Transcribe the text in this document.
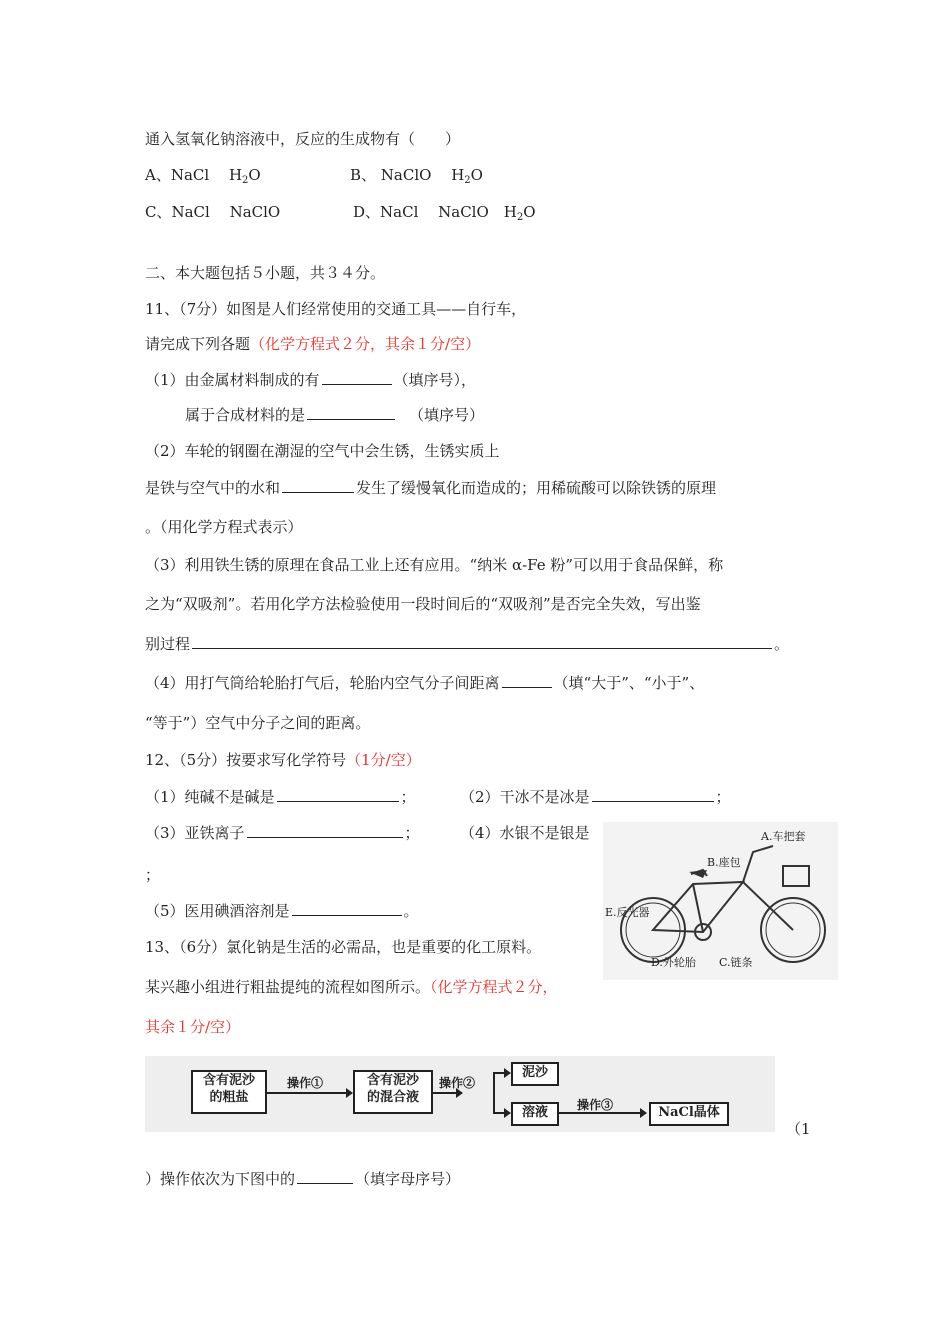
通入氢氧化钠溶液中，反应的生成物有（　　）
A、NaCl　 $H_2O$	B、 NaClO　 $H_2O$
C、NaCl　 NaClO	D、NaCl　 NaClO　$H_2O$
二、本大题包括５小题，共３４分。
11、（7分）如图是人们经常使用的交通工具——自行车，
请完成下列各题（化学方程式２分，其余１分/空）
（1）由金属材料制成的有	（填序号），
属于合成材料的是	（填序号）
（2）车轮的钢圈在潮湿的空气中会生锈，生锈实质上
是铁与空气中的水和	发生了缓慢氧化而造成的；用稀硫酸可以除铁锈的原理
。（用化学方程式表示）
（3）利用铁生锈的原理在食品工业上还有应用。“纳米 α-Fe 粉”可以用于食品保鲜，称
之为“双吸剂”。若用化学方法检验使用一段时间后的“双吸剂”是否完全失效，写出鉴
别过程	。
（4）用打气筒给轮胎打气后，轮胎内空气分子间距离	（填“大于”、“小于”、
“等于”）空气中分子之间的距离。
12、（5分）按要求写化学符号（1分/空）
（1）纯碱不是碱是	；	（2）干冰不是冰是	；
（3）亚铁离子	；	（4）水银不是银是
；
（5）医用碘酒溶剂是	。
A.车把套
B.座包
E.反光器
D.外轮胎 C.链条
13、（6分）氯化钠是生活的必需品，也是重要的化工原料。
某兴趣小组进行粗盐提纯的流程如图所示。（化学方程式２分，
其余１分/空）
含有泥沙
的粗盐
操作①	含有泥沙
的混合液
操作②
泥沙
溶液	操作③	NaCl晶体
（1
）操作依次为下图中的	（填字母序号）
